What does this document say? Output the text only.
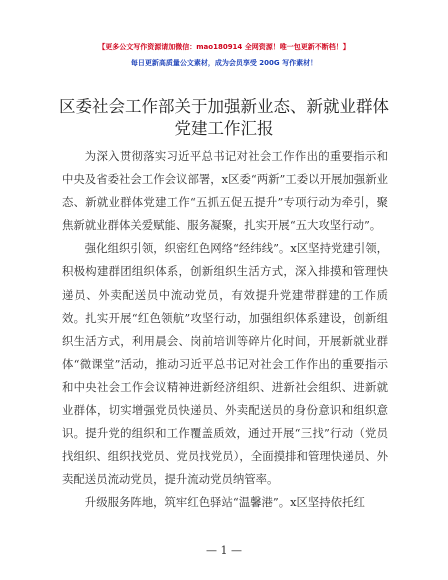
【更多公文写作资源请加微信：mao180914 全网资源！唯一包更新不断档！】
每日更新高质量公文素材，成为会员享受 200G 写作素材！
区委社会工作部关于加强新业态、新就业群体
党建工作汇报

为深入贯彻落实习近平总书记对社会工作作出的重要指示和中央及省委社会工作会议部署，x区委“两新”工委以开展加强新业态、新就业群体党建工作“五抓五促五提升”专项行动为牵引，聚焦新就业群体关爱赋能、服务凝聚，扎实开展“五大攻坚行动”。

强化组织引领，织密红色网络“经纬线”。x区坚持党建引领，积极构建群团组织体系，创新组织生活方式，深入排摸和管理快递员、外卖配送员中流动党员，有效提升党建带群建的工作质效。扎实开展“红色领航”攻坚行动，加强组织体系建设，创新组织生活方式，利用晨会、岗前培训等碎片化时间，开展新就业群体“微课堂”活动，推动习近平总书记对社会工作作出的重要指示和中央社会工作会议精神进新经济组织、进新社会组织、进新就业群体，切实增强党员快递员、外卖配送员的身份意识和组织意识。提升党的组织和工作覆盖质效，通过开展“三找”行动（党员找组织、组织找党员、党员找党员），全面摸排和管理快递员、外卖配送员流动党员，提升流动党员纳管率。

升级服务阵地，筑牢红色驿站“温馨港”。x区坚持依托红

— 1 —
